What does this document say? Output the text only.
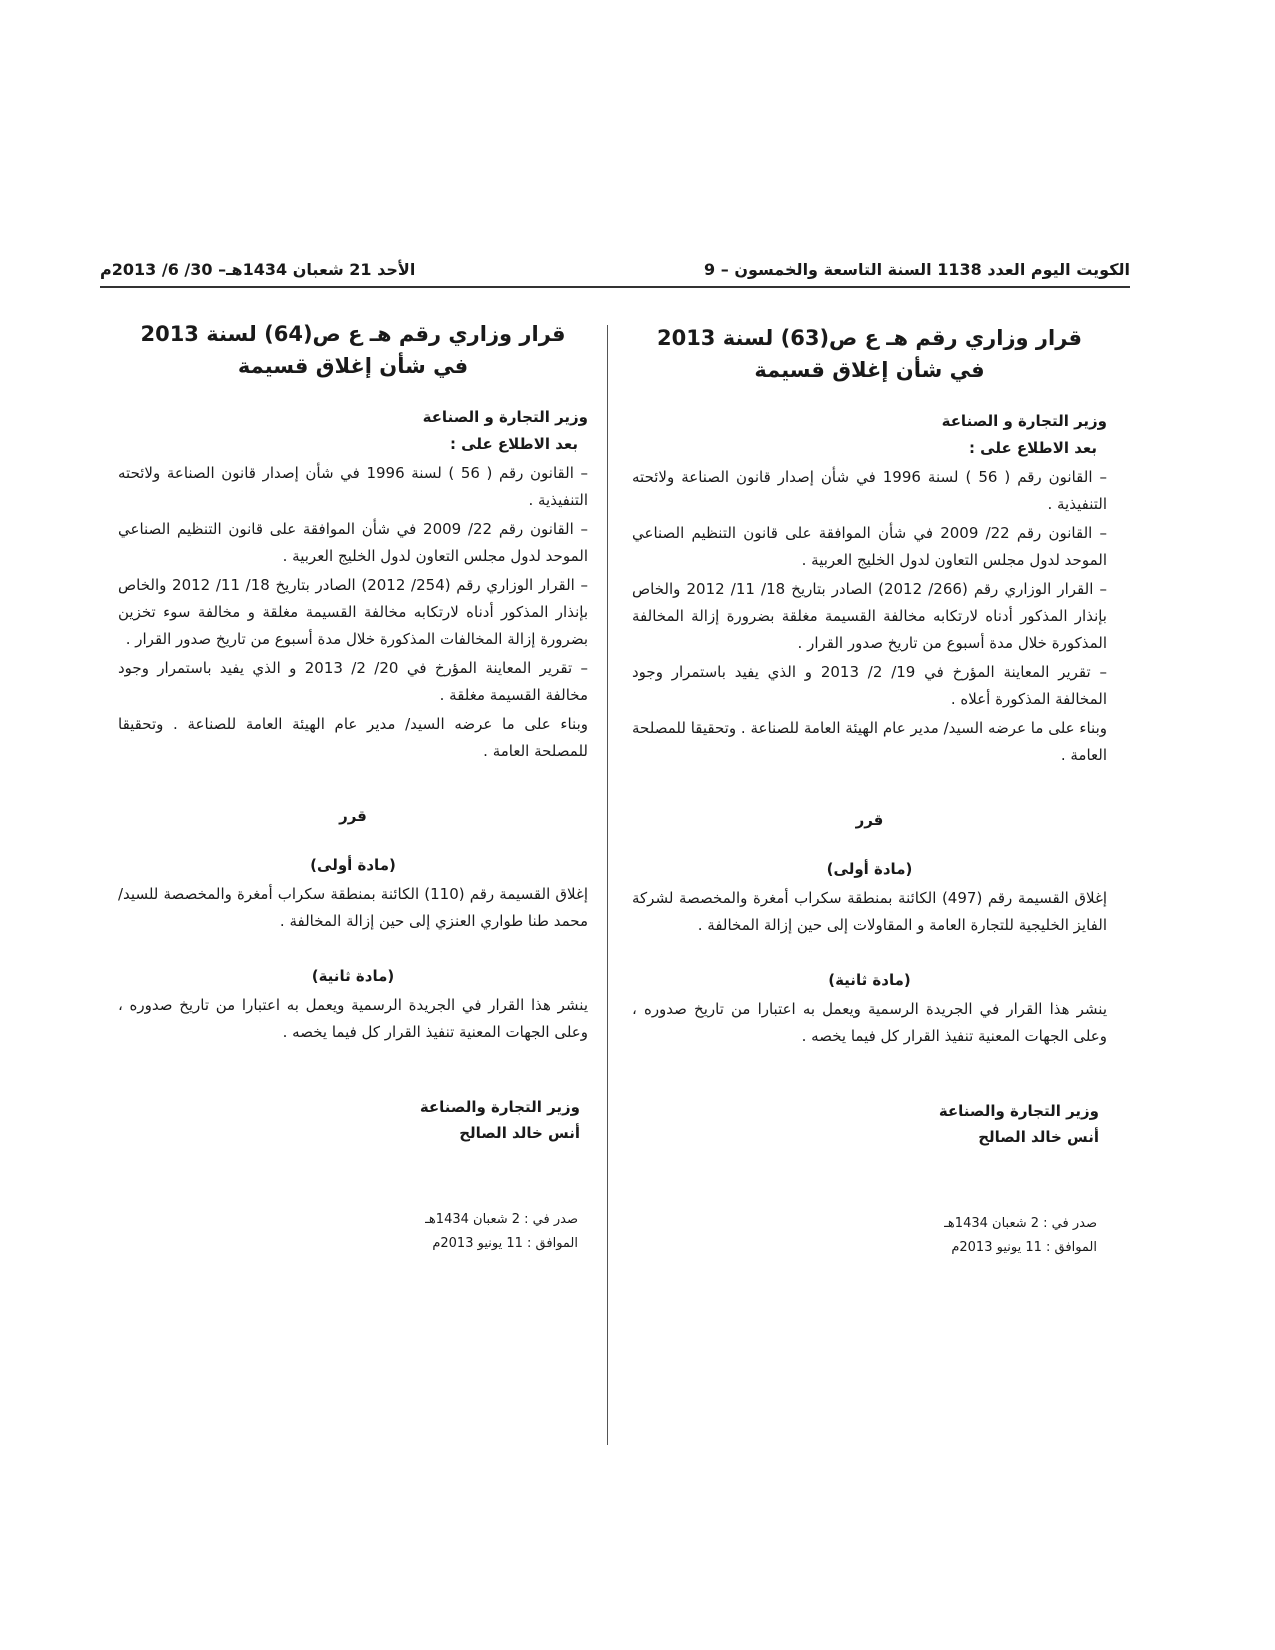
الكويت اليوم العدد 1138 السنة التاسعة والخمسون – 9
الأحد 21 شعبان 1434هـ– 30/ 6/ 2013م
قرار وزاري رقم هـ ع ص(63) لسنة 2013
في شأن إغلاق قسيمة

وزير التجارة و الصناعة

بعد الاطلاع على :

– القانون رقم ( 56 ) لسنة 1996 في شأن إصدار قانون الصناعة ولائحته التنفيذية .

– القانون رقم 22/ 2009 في شأن الموافقة على قانون التنظيم الصناعي الموحد لدول مجلس التعاون لدول الخليج العربية .

– القرار الوزاري رقم (266/ 2012) الصادر بتاريخ 18/ 11/ 2012 والخاص بإنذار المذكور أدناه لارتكابه مخالفة القسيمة مغلقة بضرورة إزالة المخالفة المذكورة خلال مدة أسبوع من تاريخ صدور القرار .

– تقرير المعاينة المؤرخ في 19/ 2/ 2013 و الذي يفيد باستمرار وجود المخالفة المذكورة أعلاه .

وبناء على ما عرضه السيد/ مدير عام الهيئة العامة للصناعة . وتحقيقا للمصلحة العامة .

قرر
(مادة أولى)

إغلاق القسيمة رقم (497) الكائنة بمنطقة سكراب أمغرة والمخصصة لشركة الفايز الخليجية للتجارة العامة و المقاولات إلى حين إزالة المخالفة .

(مادة ثانية)

ينشر هذا القرار في الجريدة الرسمية ويعمل به اعتبارا من تاريخ صدوره ، وعلى الجهات المعنية تنفيذ القرار كل فيما يخصه .

وزير التجارة والصناعة
أنس خالد الصالح
صدر في : 2 شعبان 1434هـ
الموافق : 11 يونيو 2013م
قرار وزاري رقم هـ ع ص(64) لسنة 2013
في شأن إغلاق قسيمة

وزير التجارة و الصناعة

بعد الاطلاع على :

– القانون رقم ( 56 ) لسنة 1996 في شأن إصدار قانون الصناعة ولائحته التنفيذية .

– القانون رقم 22/ 2009 في شأن الموافقة على قانون التنظيم الصناعي الموحد لدول مجلس التعاون لدول الخليج العربية .

– القرار الوزاري رقم (254/ 2012) الصادر بتاريخ 18/ 11/ 2012 والخاص بإنذار المذكور أدناه لارتكابه مخالفة القسيمة مغلقة و مخالفة سوء تخزين بضرورة إزالة المخالفات المذكورة خلال مدة أسبوع من تاريخ صدور القرار .

– تقرير المعاينة المؤرخ في 20/ 2/ 2013 و الذي يفيد باستمرار وجود مخالفة القسيمة مغلقة .

وبناء على ما عرضه السيد/ مدير عام الهيئة العامة للصناعة . وتحقيقا للمصلحة العامة .

قرر
(مادة أولى)

إغلاق القسيمة رقم (110) الكائنة بمنطقة سكراب أمغرة والمخصصة للسيد/ محمد طنا طواري العنزي إلى حين إزالة المخالفة .

(مادة ثانية)

ينشر هذا القرار في الجريدة الرسمية ويعمل به اعتبارا من تاريخ صدوره ، وعلى الجهات المعنية تنفيذ القرار كل فيما يخصه .

وزير التجارة والصناعة
أنس خالد الصالح
صدر في : 2 شعبان 1434هـ
الموافق : 11 يونيو 2013م
